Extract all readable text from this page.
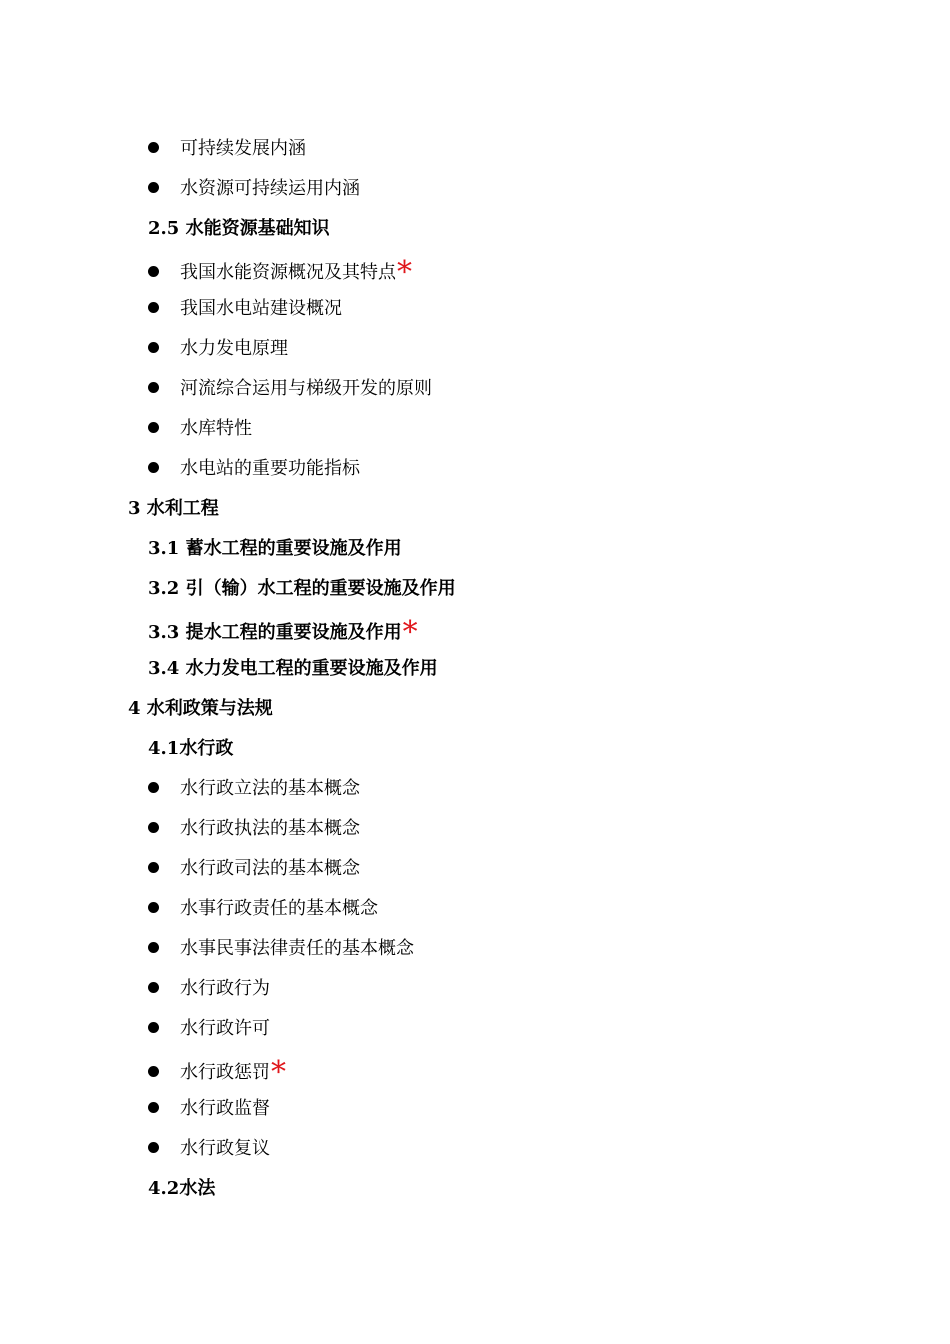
可持续发展内涵
水资源可持续运用内涵
2.5 水能资源基础知识
我国水能资源概况及其特点*
我国水电站建设概况
水力发电原理
河流综合运用与梯级开发的原则
水库特性
水电站的重要功能指标
3 水利工程
3.1 蓄水工程的重要设施及作用
3.2 引（输）水工程的重要设施及作用
3.3 提水工程的重要设施及作用*
3.4 水力发电工程的重要设施及作用
4 水利政策与法规
4.1水行政
水行政立法的基本概念
水行政执法的基本概念
水行政司法的基本概念
水事行政责任的基本概念
水事民事法律责任的基本概念
水行政行为
水行政许可
水行政惩罚*
水行政监督
水行政复议
4.2水法
